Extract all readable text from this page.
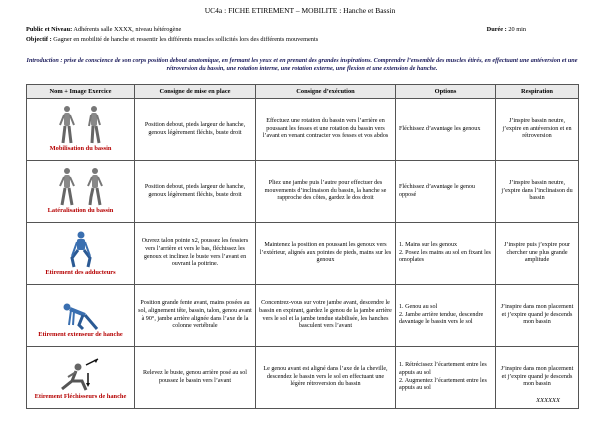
UC4a : FICHE ETIREMENT – MOBILITE : Hanche et Bassin
Public et Niveau: Adhérents salle XXXX, niveau hétérogène	Durée : 20 min
Objectif : Gagner en mobilité de hanche et ressentir les différents muscles sollicités lors des différents mouvements
Introduction : prise de conscience de son corps position debout anatomique, en fermant les yeux et en prenant des grandes inspirations. Comprendre l’ensemble des muscles étirés, en effectuant une antéversion et une rétroversion du bassin, une rotation interne, une rotation externe, une flexion et une extension de hanche.
Nom + Image Exercice	Consigne de mise en place	Consigne d’exécution	Options	Respiration

Mobilisation du bassin	Position debout, pieds largeur de hanche, genoux légèrement fléchis, buste droit	Effectuez une rotation du bassin vers l’arrière en poussant les fesses et une rotation du bassin vers l’avant en venant contracter vos fesses et vos abdos	Fléchissez d’avantage les genoux	J’inspire bassin neutre, j’expire en antéversion et en rétroversion

Latéralisation du bassin	Position debout, pieds largeur de hanche, genoux légèrement fléchis, buste droit	Pliez une jambe puis l’autre pour effectuer des mouvements d’inclinaison du bassin, la hanche se rapproche des côtes, gardez le dos droit	Fléchissez d’avantage le genou opposé	J’inspire bassin neutre, j’expire dans l’inclinaison du bassin

Etirement des adducteurs	Ouvrez talon pointe x2, poussez les fessiers vers l’arrière et vers le bas, fléchissez les genoux et inclinez le buste vers l’avant en ouvrant la poitrine.	Maintenez la position en poussant les genoux vers l’extérieur, alignés aux pointes de pieds, mains sur les genoux	1. Mains sur les genoux
2. Posez les mains au sol en fixant les omoplates	J’inspire puis j’expire pour chercher une plus grande amplitude

Etirement extenseur de hanche	Position grande fente avant, mains posées au sol, alignement tête, bassin, talon, genou avant à 90°, jambe arrière alignée dans l’axe de la colonne vertébrale	Concentrez-vous sur votre jambe avant, descendre le bassin en expirant, gardez le genou de la jambe arrière vers le sol et la jambe tendue stabilisée, les hanches basculent vers l’avant	1. Genou au sol
2. Jambe arrière tendue, descendre davantage le bassin vers le sol	J’inspire dans mon placement et j’expire quand je descends mon bassin

Etirement Fléchisseurs de hanche	Relevez le buste, genou arrière posé au sol poussez le bassin vers l’avant	Le genou avant est aligné dans l’axe de la cheville, descendez le bassin vers le sol en effectuant une légère rétroversion du bassin	1. Rétrécissez l’écartement entre les appuis au sol
2. Augmentez l’écartement entre les appuis au sol	J’inspire dans mon placement et j’expire quand je descends mon bassin
XXXXXX
